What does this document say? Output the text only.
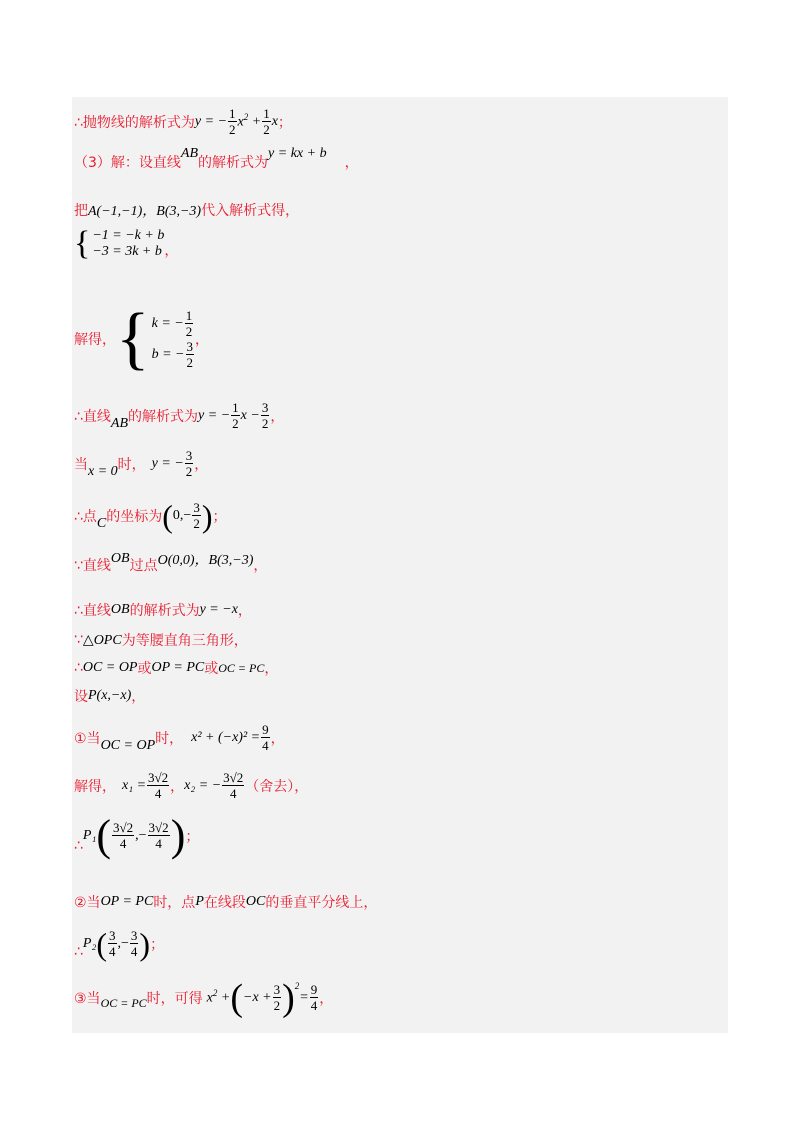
∴抛物线的解析式为 y = − $\frac{1}{2} x^2 + \frac{1}{2}$ x ；
（3）解：设直线
AB
的解析式为
y = kx + b
，
把 A(−1,−1)，B(3,−3) 代入解析式得，
{ −1 = −k + b
−3 = 3k + b ，
解得， { k = − $\frac{1}{2}$
b = − $\frac{3}{2}$ ，
∴直线 AB 的解析式为 y = − $\frac{1}{2}$ $x - \frac{3}{2}$ ，
当 x = 0 时， y = − $\frac{3}{2}$ ，
∴点 C 的坐标为 ( $0,- \frac{3}{2}$ ) ；
∵直线 OB 过点 O(0,0)，B(3,−3) ，
∴直线 OB 的解析式为 y = −x ，
∵ △OPC 为等腰直角三角形，
∴ OC = OP 或 OP = PC 或 OC = PC ，
设 P(x,−x) ，
①当 OC = OP 时， $x^2 + (-x)^2 = \frac{9}{4}$ ，
解得， $x_1 = \frac{3√2}{4}$ ， x₂ = − $\frac{3√2}{4}$ （舍去），
∴
P₁ ( $\frac{3√2}{4}$ ,− $\frac{3√2}{4}$ ) ；
②当 OP = PC 时，点 P 在线段 OC 的垂直平分线上，
∴
P₂ ( $\frac{3}{4}$ ,− $\frac{3}{4}$ ) ；
③当 OC = PC 时，可得 $x^2$ + ( $-x + \frac{3}{2}$ ) 2
= $\frac{9}{4}$ ，
